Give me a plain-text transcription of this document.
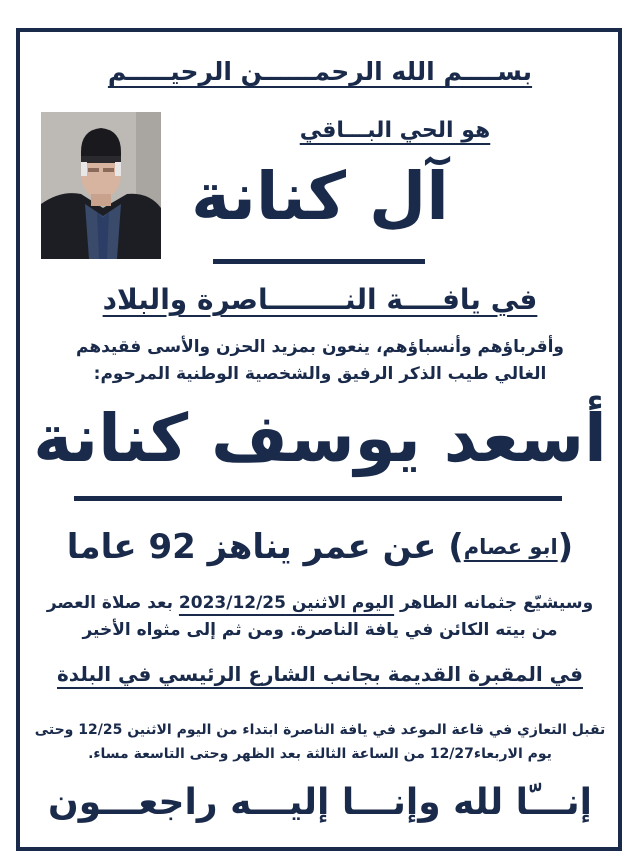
بســــم الله الرحمــــــن الرحيـــــم
هو الحي البـــاقي
آل كنانة
في يافــــة النــــــــاصرة والبلاد
وأقرباؤهم وأنسباؤهم، ينعون بمزيد الحزن والأسى فقيدهم
الغالي طيب الذكر الرفيق والشخصية الوطنية المرحوم:
أسعد يوسف كنانة
(ابو عصام) عن عمر يناهز 92 عاما
وسيشيّع جثمانه الطاهر اليوم الاثنين 2023/12/25 بعد صلاة العصر
من بيته الكائن في يافة الناصرة. ومن ثم إلى مثواه الأخير
في المقبرة القديمة بجانب الشارع الرئيسي في البلدة
تقبل التعازي في قاعة الموعد في يافة الناصرة ابتداء من اليوم الاثنين 12/25 وحتى
يوم الاربعاء12/27 من الساعة الثالثة بعد الظهر وحتى التاسعة مساء.
إنـــّا لله وإنـــا إليـــه راجعـــون
